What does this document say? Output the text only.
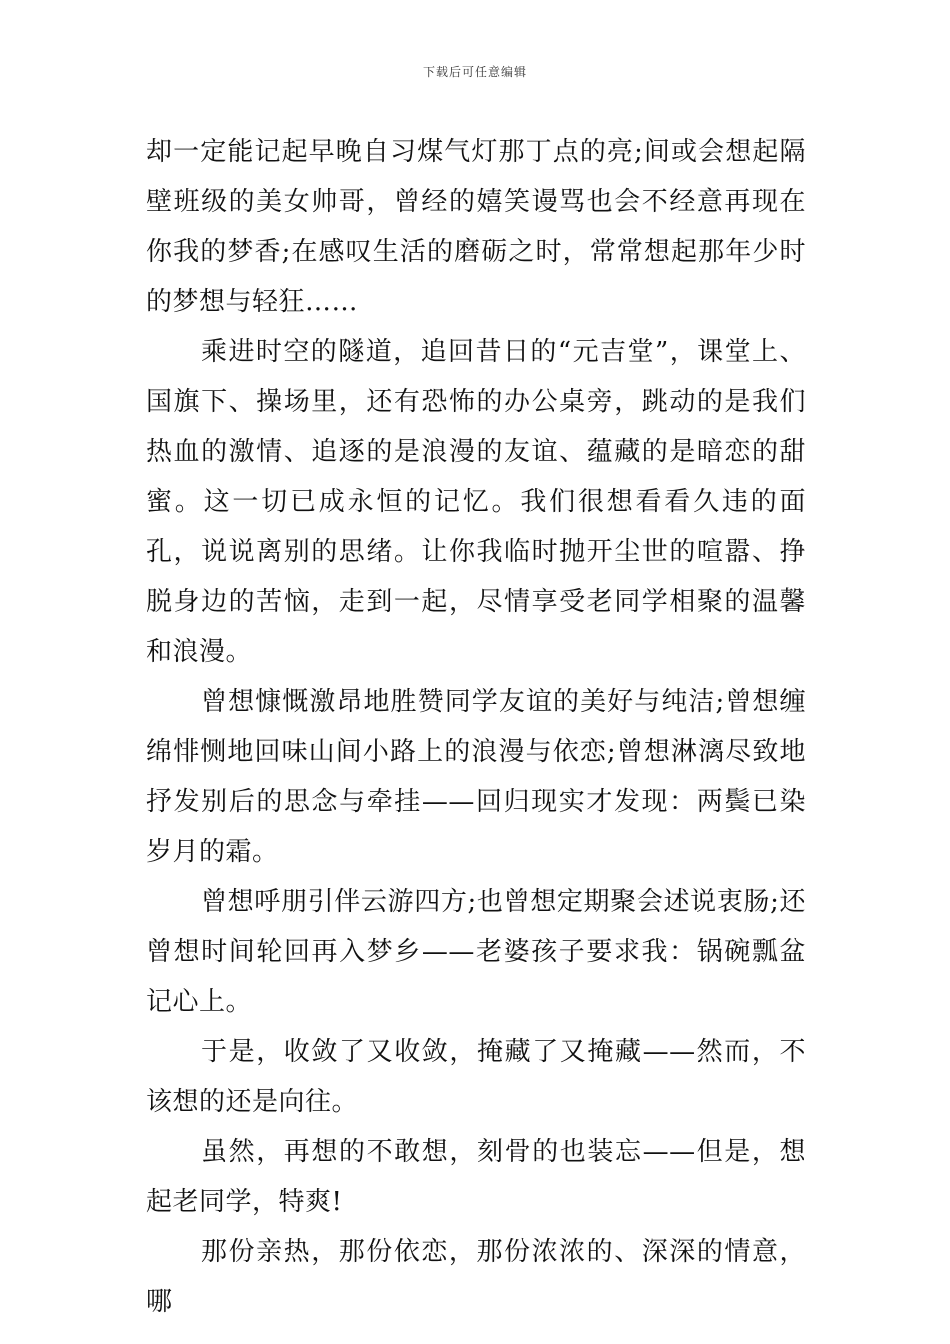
下载后可任意编辑

却一定能记起早晚自习煤气灯那丁点的亮;间或会想起隔壁班级的美女帅哥，曾经的嬉笑谩骂也会不经意再现在你我的梦香;在感叹生活的磨砺之时，常常想起那年少时的梦想与轻狂……

乘进时空的隧道，追回昔日的“元吉堂”，课堂上、国旗下、操场里，还有恐怖的办公桌旁，跳动的是我们热血的激情、追逐的是浪漫的友谊、蕴藏的是暗恋的甜蜜。这一切已成永恒的记忆。我们很想看看久违的面孔，说说离别的思绪。让你我临时抛开尘世的喧嚣、挣脱身边的苦恼，走到一起，尽情享受老同学相聚的温馨和浪漫。

曾想慷慨激昂地胜赞同学友谊的美好与纯洁;曾想缠绵悱恻地回味山间小路上的浪漫与依恋;曾想淋漓尽致地抒发别后的思念与牵挂——回归现实才发现：两鬓已染岁月的霜。

曾想呼朋引伴云游四方;也曾想定期聚会述说衷肠;还曾想时间轮回再入梦乡——老婆孩子要求我：锅碗瓢盆记心上。

于是，收敛了又收敛，掩藏了又掩藏——然而，不该想的还是向往。

虽然，再想的不敢想，刻骨的也装忘——但是，想起老同学，特爽!

那份亲热，那份依恋，那份浓浓的、深深的情意，哪
